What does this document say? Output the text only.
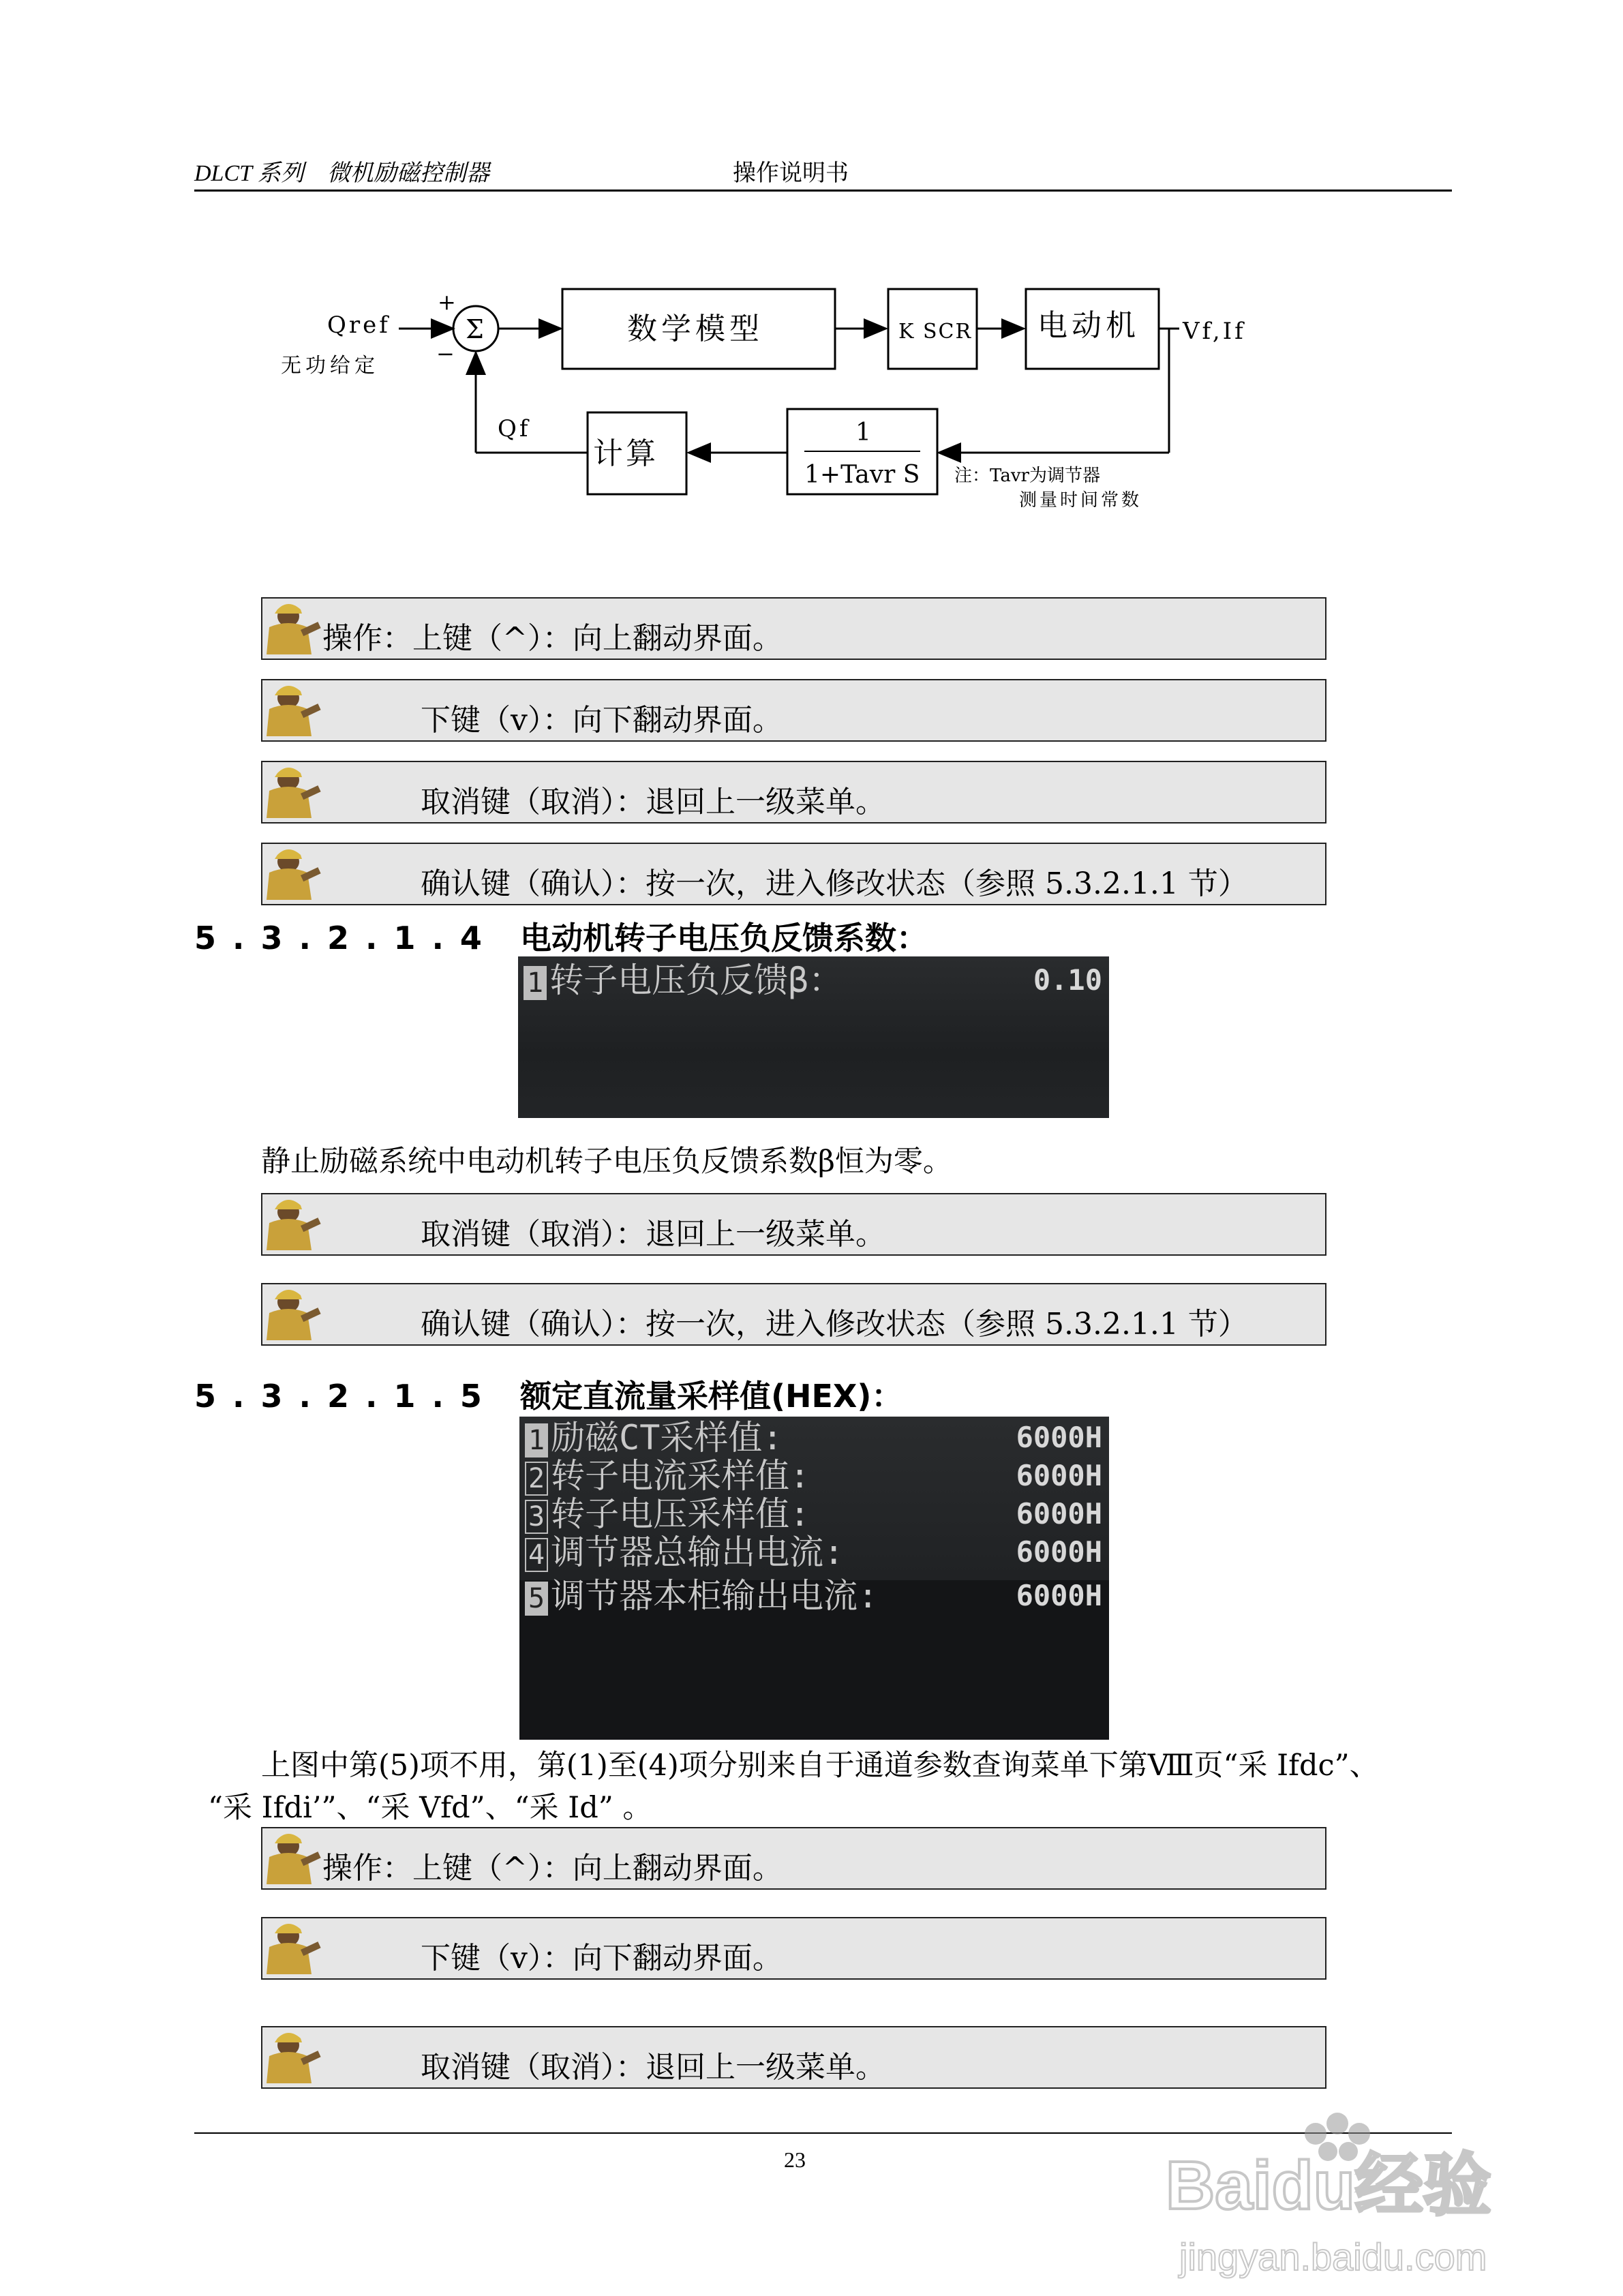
DLCT 系列 微机励磁控制器	操作说明书
Qref
无功给定
+
−
Σ	数学模型	K SCR 电动机
1
1+Tavr S
计算
Qf
注：Tavr为调节器
测量时间常数
Vf,If
操作：上键（^）：向上翻动界面。
下键（v）：向下翻动界面。
取消键（取消）：退回上一级菜单。
确认键（确认）：按一次，进入修改状态（参照 5.3.2.1.1 节）
5.3.2.1.4 电动机转子电压负反馈系数：
1 转子电压负反馈β：	0.10
静止励磁系统中电动机转子电压负反馈系数β恒为零。
取消键（取消）：退回上一级菜单。
确认键（确认）：按一次，进入修改状态（参照 5.3.2.1.1 节）
5.3.2.1.5 额定直流量采样值(HEX)：
1 励磁CT采样值:	6000H
2 转子电流采样值:	6000H
3 转子电压采样值:	6000H
4 调节器总输出电流:	6000H
5 调节器本柜输出电流:	6000H
上图中第(5)项不用，第(1)至(4)项分别来自于通道参数查询菜单下第Ⅷ页“采 Ifdc”、
“采 Ifdi’”、“采 Vfd”、“采 Id” 。
操作：上键（^）：向上翻动界面。
下键（v）：向下翻动界面。
取消键（取消）：退回上一级菜单。
23	Baidu经验
jingyan.baidu.com
